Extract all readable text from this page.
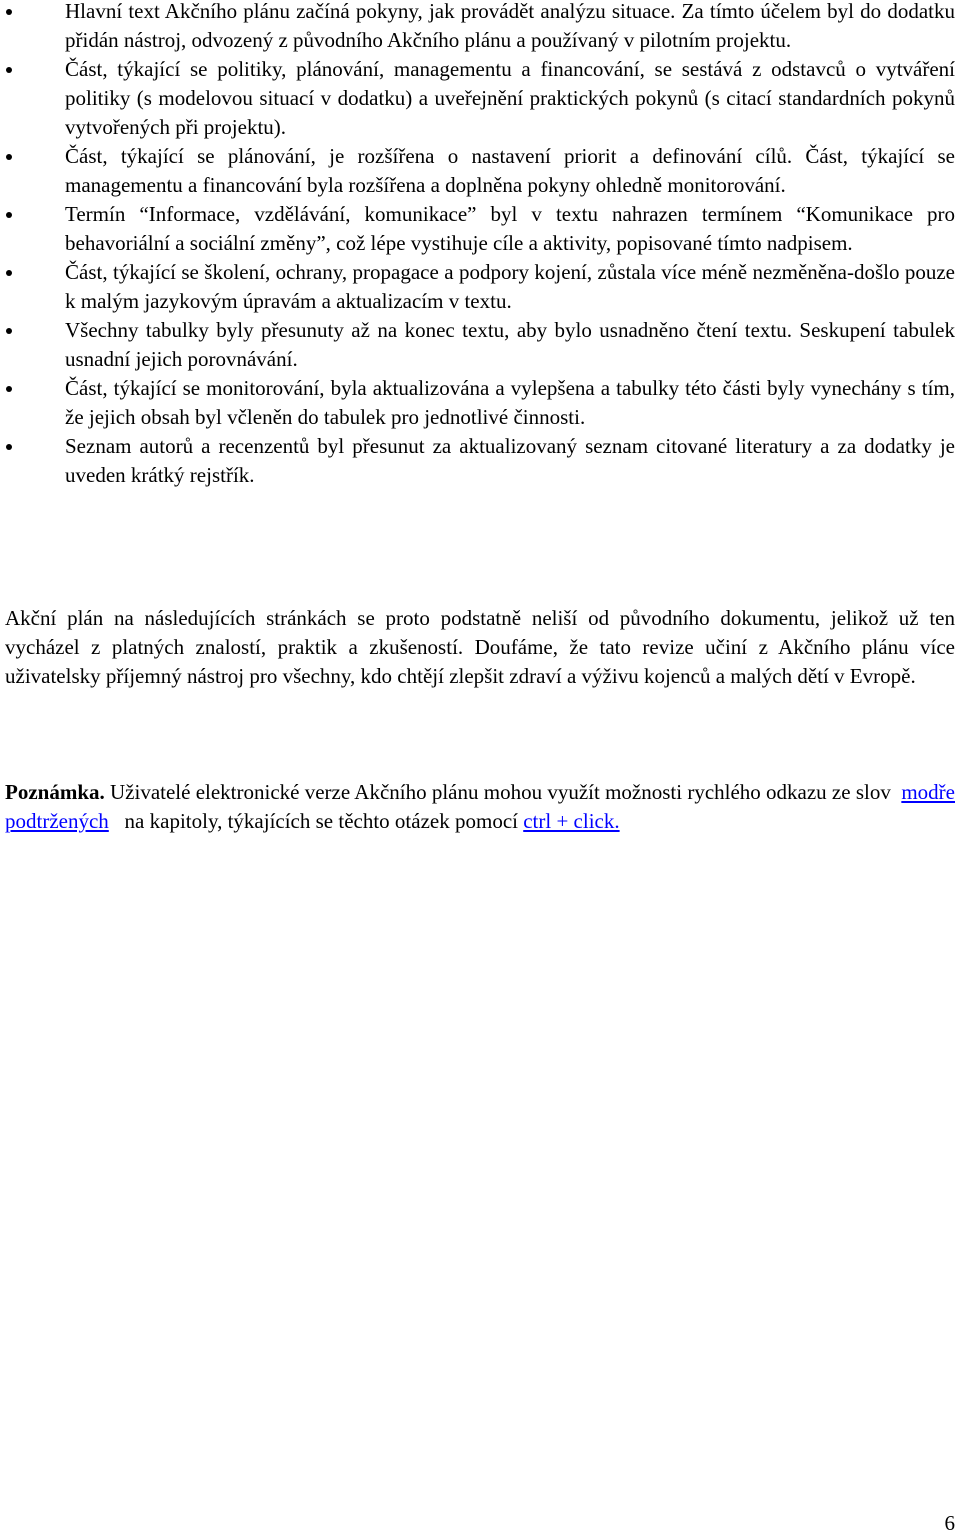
Hlavní text Akčního plánu začíná pokyny, jak provádět analýzu situace. Za tímto účelem byl do dodatku přidán nástroj, odvozený z původního Akčního plánu a používaný v pilotním projektu.
Část, týkající se politiky, plánování, managementu a financování, se sestává z odstavců o vytváření politiky (s modelovou situací v dodatku) a uveřejnění praktických pokynů (s citací standardních pokynů vytvořených při projektu).
Část, týkající se plánování, je rozšířena o nastavení priorit a definování cílů. Část, týkající se managementu a financování byla rozšířena a doplněna pokyny ohledně monitorování.
Termín “Informace, vzdělávání, komunikace” byl v textu nahrazen termínem “Komunikace pro behavoriální a sociální změny”, což lépe vystihuje cíle a aktivity, popisované tímto nadpisem.
Část, týkající se školení, ochrany, propagace a podpory kojení, zůstala více méně nezměněna-došlo pouze k malým jazykovým úpravám a aktualizacím v textu.
Všechny tabulky byly přesunuty až na konec textu, aby bylo usnadněno čtení textu. Seskupení tabulek usnadní jejich porovnávání.
Část, týkající se monitorování, byla aktualizována a vylepšena a tabulky této části byly vynechány s tím, že jejich obsah byl včleněn do tabulek pro jednotlivé činnosti.
Seznam autorů a recenzentů byl přesunut za aktualizovaný seznam citované literatury a za dodatky je uveden krátký rejstřík.

Akční plán na následujících stránkách se proto podstatně neliší od původního dokumentu, jelikož už ten vycházel z platných znalostí, praktik a zkušeností. Doufáme, že tato revize učiní z Akčního plánu více uživatelsky příjemný nástroj pro všechny, kdo chtějí zlepšit zdraví a výživu kojenců a malých dětí v Evropě.

Poznámka. Uživatelé elektronické verze Akčního plánu mohou využít možnosti rychlého odkazu ze slov modře podtržených na kapitoly, týkajících se těchto otázek pomocí ctrl + click.

6
